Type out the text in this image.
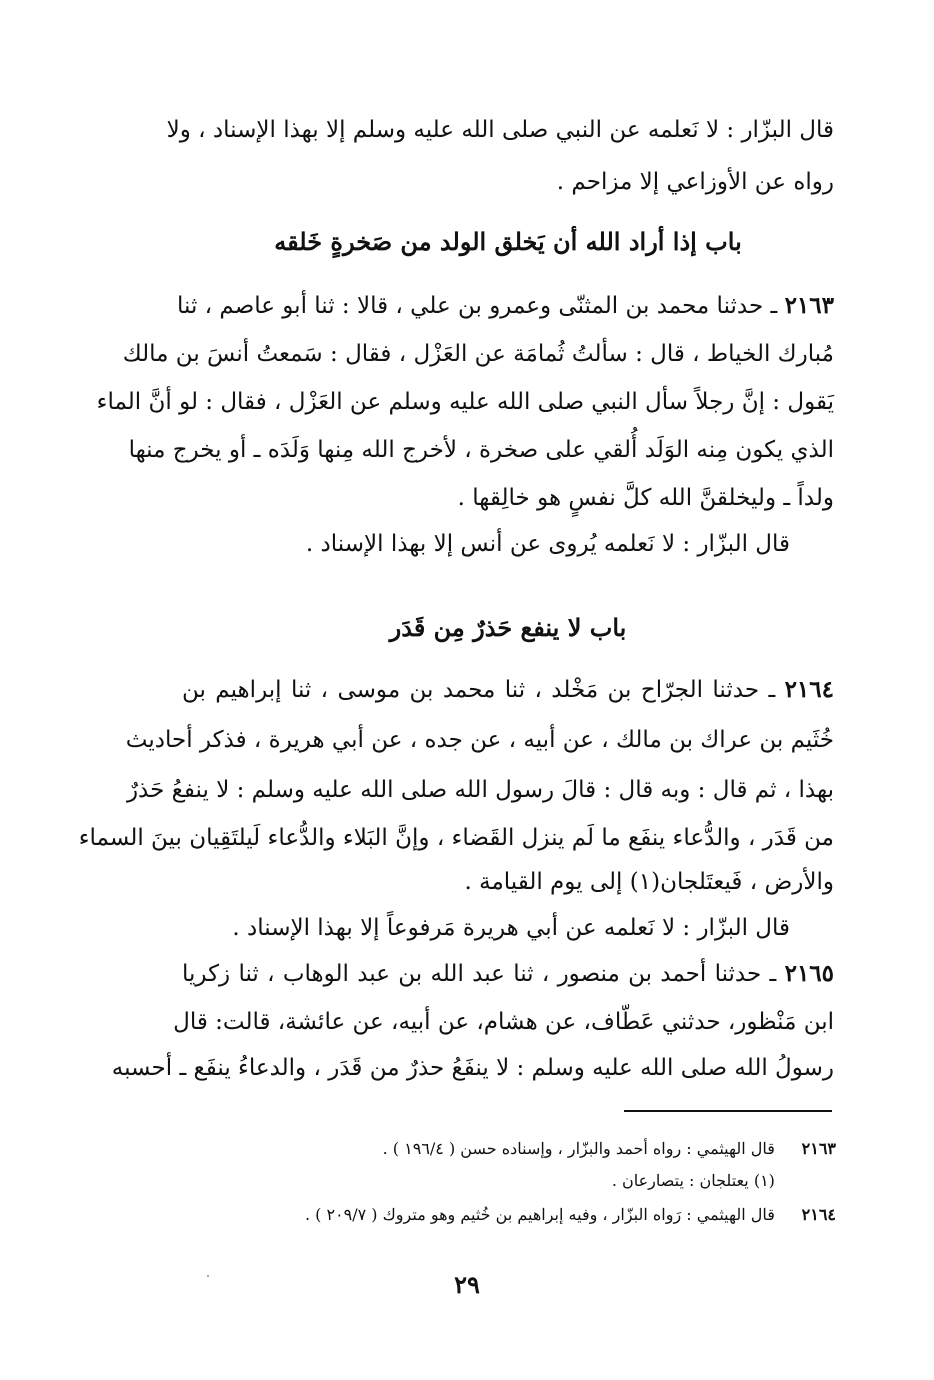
قال البزّار : لا نَعلمه عن النبي صلى الله عليه وسلم إلا بهذا الإسناد ، ولا
رواه عن الأوزاعي إلا مزاحم .
باب إذا أراد الله أن يَخلق الولد من صَخرةٍ خَلقه
٢١٦٣ ـ حدثنا محمد بن المثنّى وعمرو بن علي ، قالا : ثنا أبو عاصم ، ثنا
مُبارك الخياط ، قال : سألتُ ثُمامَة عن العَزْل ، فقال : سَمعتُ أنسَ بن مالك
يَقول : إنَّ رجلاً سأل النبي صلى الله عليه وسلم عن العَزْل ، فقال : لو أنَّ الماء
الذي يكون مِنه الوَلَد أُلقي على صخرة ، لأخرج الله مِنها وَلَدَه ـ أو يخرج منها
ولداً ـ وليخلقنَّ الله كلَّ نفسٍ هو خالِقها .
قال البزّار : لا نَعلمه يُروى عن أنس إلا بهذا الإسناد .
باب لا ينفع حَذرٌ مِن قَدَر
٢١٦٤ ـ حدثنا الجرّاح بن مَخْلد ، ثنا محمد بن موسى ، ثنا إبراهيم بن
خُثَيم بن عراك بن مالك ، عن أبيه ، عن جده ، عن أبي هريرة ، فذكر أحاديث
بهذا ، ثم قال : وبه قال : قالَ رسول الله صلى الله عليه وسلم : لا ينفعُ حَذرٌ
من قَدَر ، والدُّعاء ينفَع ما لَم ينزل القَضاء ، وإنَّ البَلاء والدُّعاء لَيلتَقِيان بينَ السماء
والأرض ، فَيعتَلجان(١) إلى يوم القيامة .
قال البزّار : لا نَعلمه عن أبي هريرة مَرفوعاً إلا بهذا الإسناد .
٢١٦٥ ـ حدثنا أحمد بن منصور ، ثنا عبد الله بن عبد الوهاب ، ثنا زكريا
ابن مَنْظور، حدثني عَطّاف، عن هشام، عن أبيه، عن عائشة، قالت: قال
رسولُ الله صلى الله عليه وسلم : لا ينفَعُ حذرٌ من قَدَر ، والدعاءُ ينفَع ـ أحسبه
٢١٦٣ قال الهيثمي : رواه أحمد والبزّار ، وإسناده حسن ( ١٩٦/٤ ) .
(١) يعتلجان : يتصارعان .
٢١٦٤ قال الهيثمي : رَواه البزّار ، وفيه إبراهيم بن خُثيم وهو متروك ( ٢٠٩/٧ ) .
٢٩
